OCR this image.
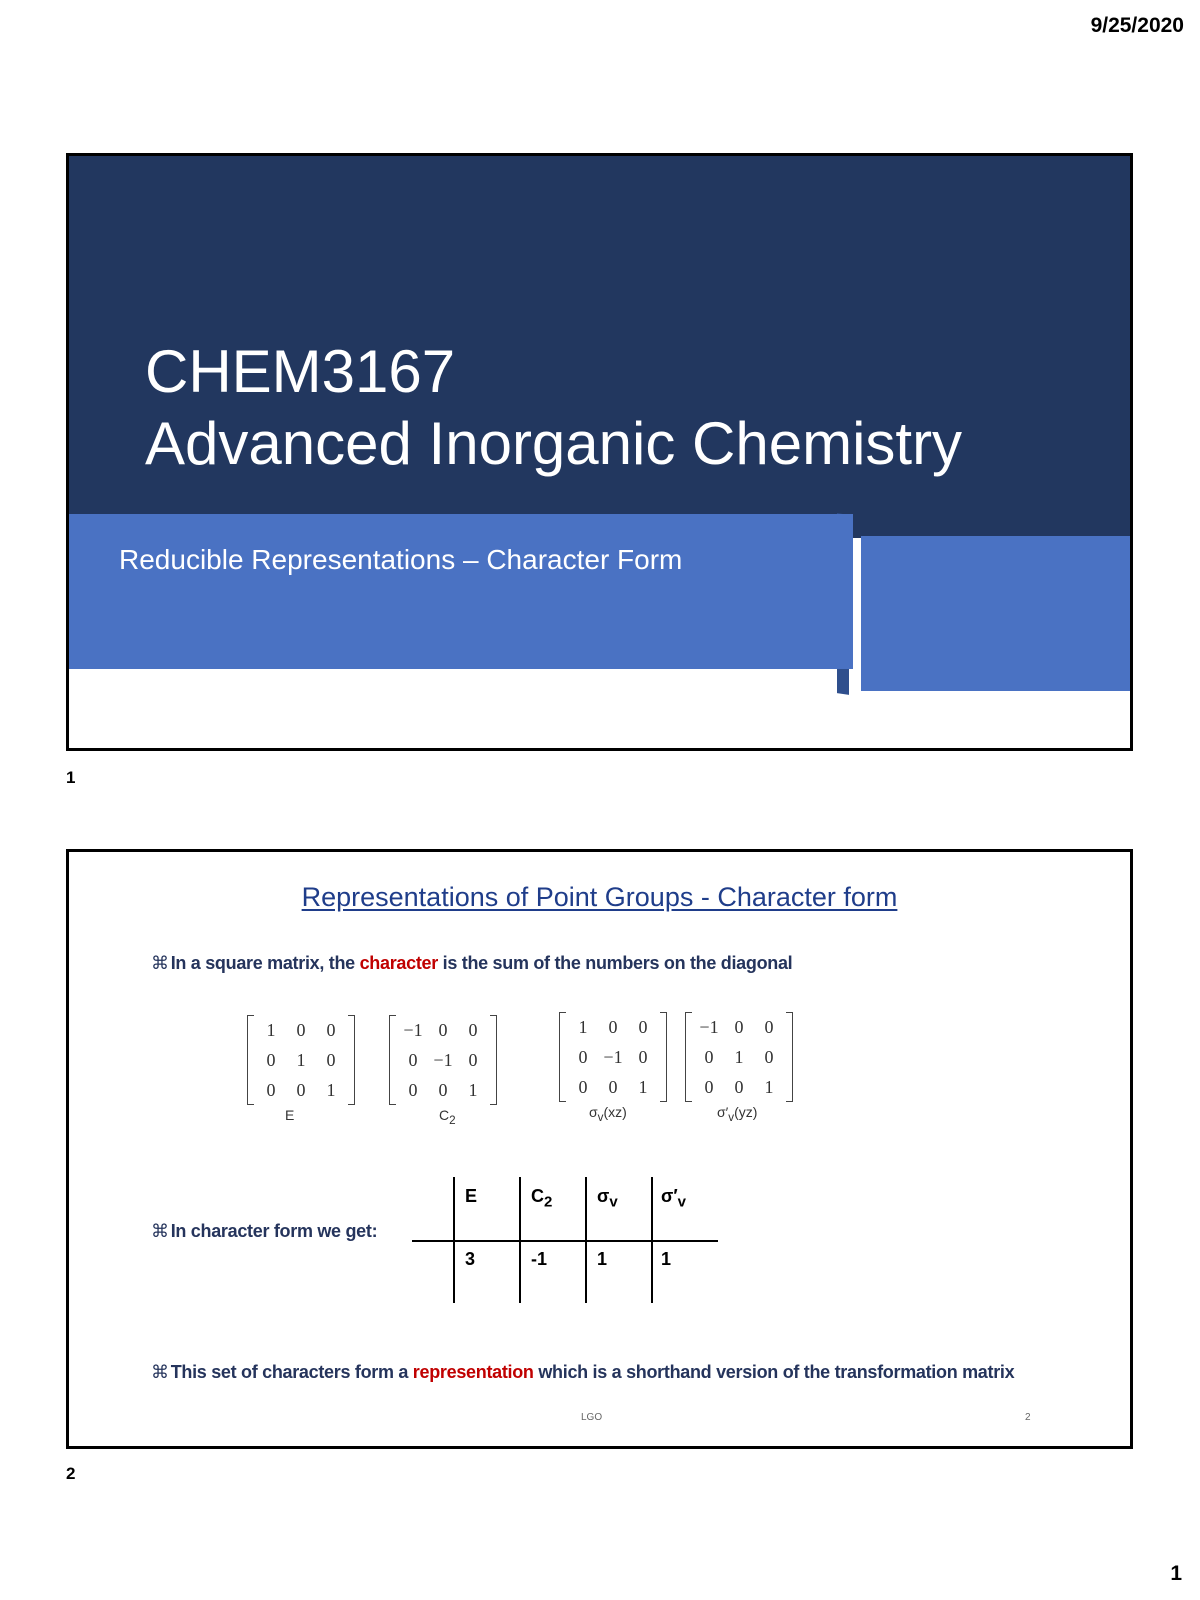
9/25/2020
CHEM3167
Advanced Inorganic Chemistry
Reducible Representations – Character Form
1
Representations of Point Groups - Character form
⌘ In a square matrix, the character is the sum of the numbers on the diagonal
1	0	0
0	1	0
0	0	1
E
−1 0	0
0 −1 0
0	0	1
$C_2$
1	0	0
0 −1 0
0	0	1
$\sigma_v(xz)$
−1 0	0
0	1	0
0	0	1
$\sigma'_v(yz)$
⌘ In character form we get:
E	$C_2$ $\sigma_v$ $\sigma'_v$
3	-1	1	1
⌘ This set of characters form a representation which is a shorthand version of the transformation matrix
LGO	2
2
1
